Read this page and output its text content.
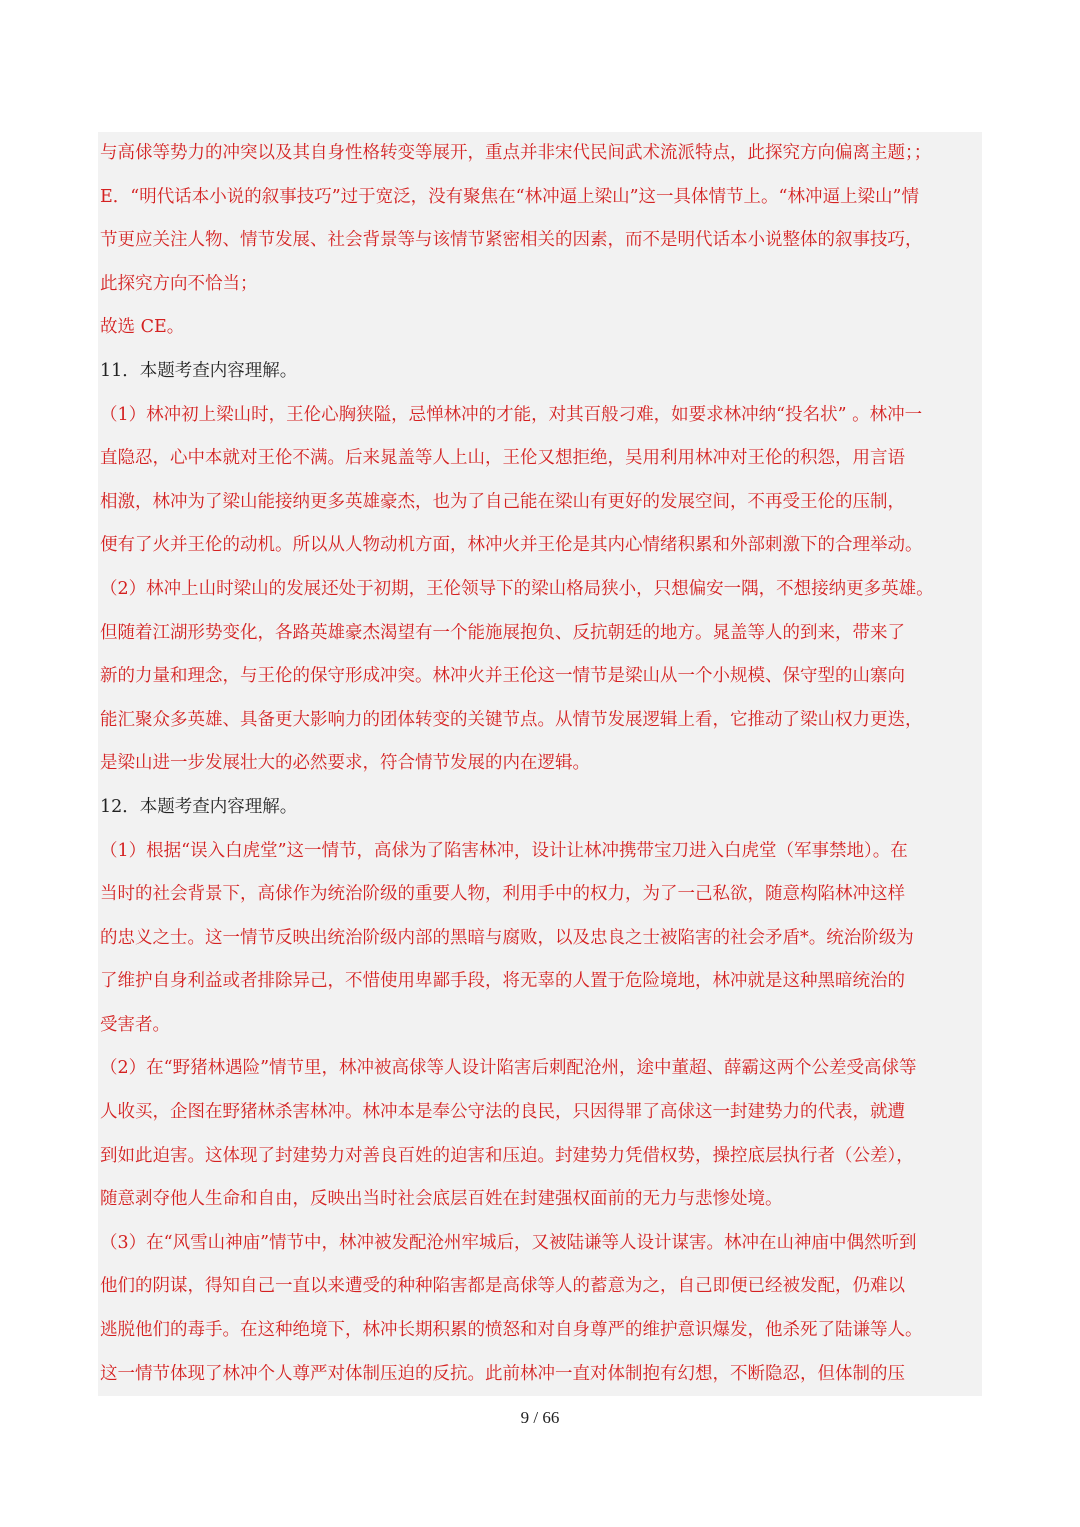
与高俅等势力的冲突以及其自身性格转变等展开，重点并非宋代民间武术流派特点，此探究方向偏离主题；；
E．“明代话本小说的叙事技巧”过于宽泛，没有聚焦在“林冲逼上梁山”这一具体情节上。“林冲逼上梁山”情
节更应关注人物、情节发展、社会背景等与该情节紧密相关的因素，而不是明代话本小说整体的叙事技巧，
此探究方向不恰当；
故选 CE。
11．本题考查内容理解。
（1）林冲初上梁山时，王伦心胸狭隘，忌惮林冲的才能，对其百般刁难，如要求林冲纳“投名状” 。林冲一
直隐忍，心中本就对王伦不满。后来晁盖等人上山，王伦又想拒绝，吴用利用林冲对王伦的积怨，用言语
相激，林冲为了梁山能接纳更多英雄豪杰，也为了自己能在梁山有更好的发展空间，不再受王伦的压制，
便有了火并王伦的动机。所以从人物动机方面，林冲火并王伦是其内心情绪积累和外部刺激下的合理举动。
（2）林冲上山时梁山的发展还处于初期，王伦领导下的梁山格局狭小，只想偏安一隅，不想接纳更多英雄。
但随着江湖形势变化，各路英雄豪杰渴望有一个能施展抱负、反抗朝廷的地方。晁盖等人的到来，带来了
新的力量和理念，与王伦的保守形成冲突。林冲火并王伦这一情节是梁山从一个小规模、保守型的山寨向
能汇聚众多英雄、具备更大影响力的团体转变的关键节点。从情节发展逻辑上看，它推动了梁山权力更迭，
是梁山进一步发展壮大的必然要求，符合情节发展的内在逻辑。
12．本题考查内容理解。
（1）根据“误入白虎堂”这一情节，高俅为了陷害林冲，设计让林冲携带宝刀进入白虎堂（军事禁地）。在
当时的社会背景下，高俅作为统治阶级的重要人物，利用手中的权力，为了一己私欲，随意构陷林冲这样
的忠义之士。这一情节反映出统治阶级内部的黑暗与腐败，以及忠良之士被陷害的社会矛盾*。统治阶级为
了维护自身利益或者排除异己，不惜使用卑鄙手段，将无辜的人置于危险境地，林冲就是这种黑暗统治的
受害者。
（2）在“野猪林遇险”情节里，林冲被高俅等人设计陷害后刺配沧州，途中董超、薛霸这两个公差受高俅等
人收买，企图在野猪林杀害林冲。林冲本是奉公守法的良民，只因得罪了高俅这一封建势力的代表，就遭
到如此迫害。这体现了封建势力对善良百姓的迫害和压迫。封建势力凭借权势，操控底层执行者（公差），
随意剥夺他人生命和自由，反映出当时社会底层百姓在封建强权面前的无力与悲惨处境。
（3）在“风雪山神庙”情节中，林冲被发配沧州牢城后，又被陆谦等人设计谋害。林冲在山神庙中偶然听到
他们的阴谋，得知自己一直以来遭受的种种陷害都是高俅等人的蓄意为之，自己即便已经被发配，仍难以
逃脱他们的毒手。在这种绝境下，林冲长期积累的愤怒和对自身尊严的维护意识爆发，他杀死了陆谦等人。
这一情节体现了林冲个人尊严对体制压迫的反抗。此前林冲一直对体制抱有幻想，不断隐忍，但体制的压
9 / 66
